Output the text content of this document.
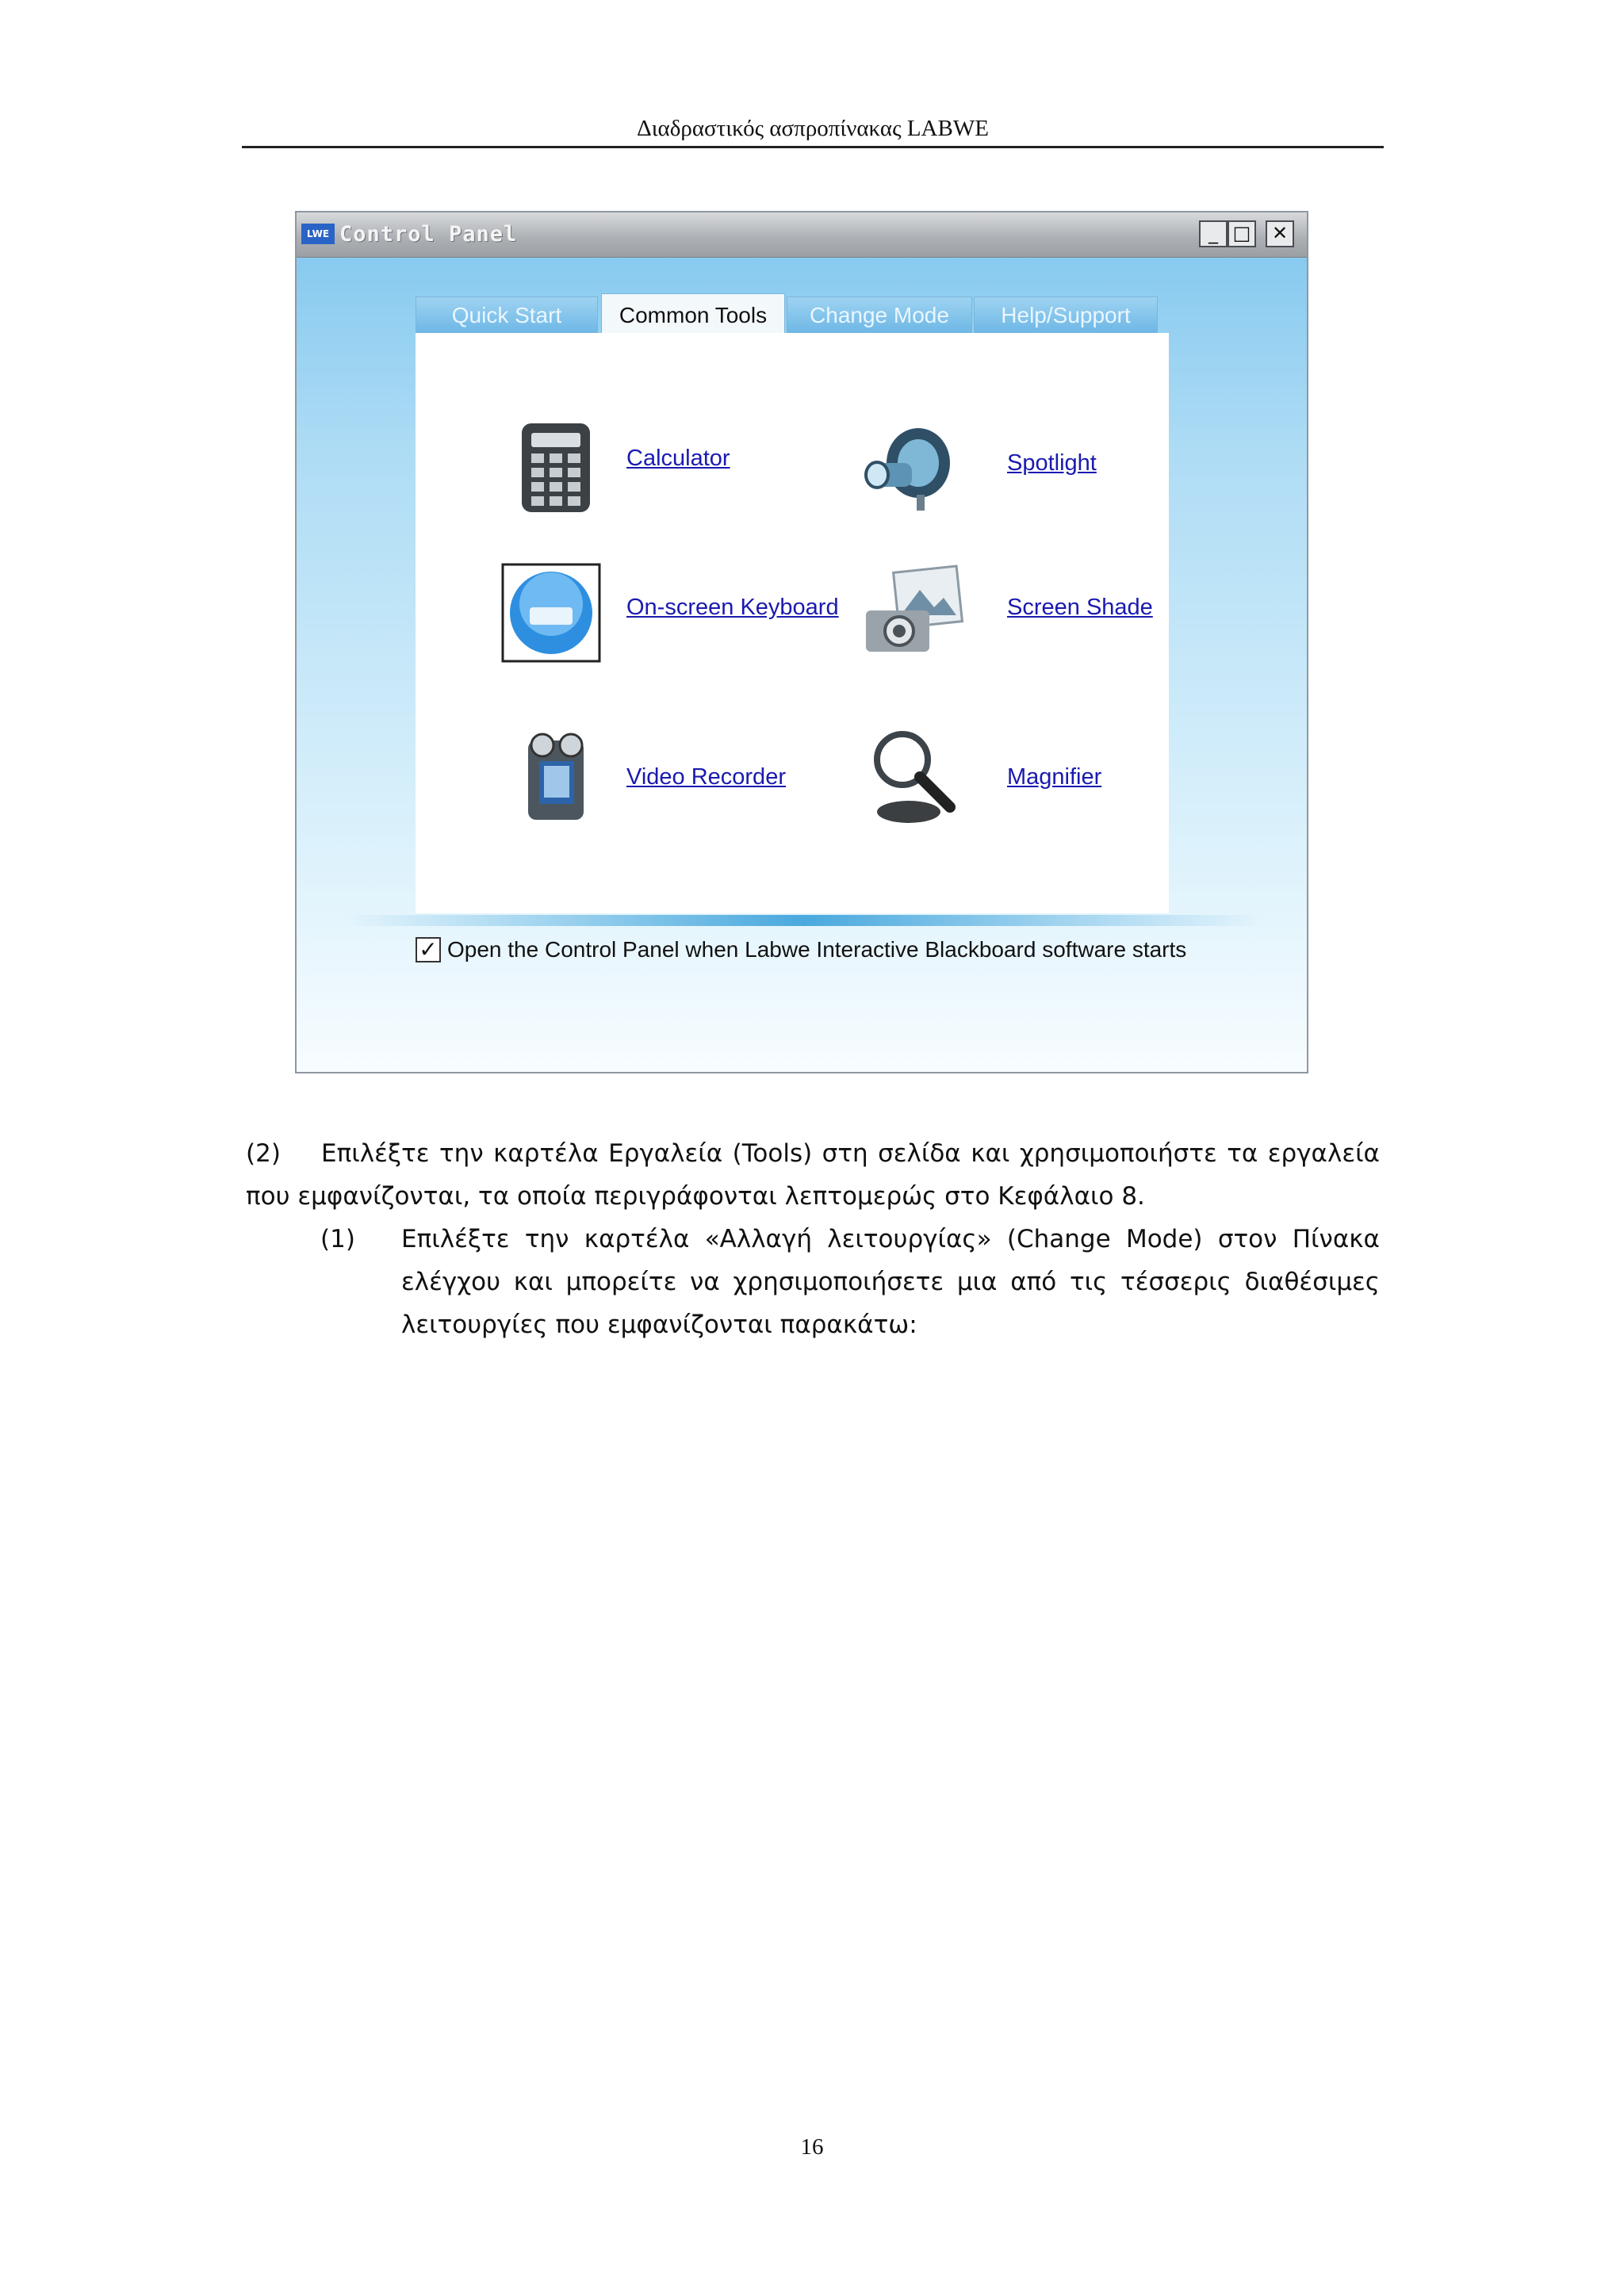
Διαδραστικός ασπροπίνακας LABWE
LWE Control Panel	_ □	✕
Quick Start	Common Tools	Change Mode	Help/Support
Calculator	Spotlight
On-screen Keyboard	Screen Shade
Video Recorder	Magnifier
✓ Open the Control Panel when Labwe Interactive Blackboard software starts
(2) Επιλέξτε την καρτέλα Εργαλεία (Tools) στη σελίδα και χρησιμοποιήστε τα εργαλεία που εμφανίζονται, τα οποία περιγράφονται λεπτομερώς στο Κεφάλαιο 8.
(1) Επιλέξτε την καρτέλα «Αλλαγή λειτουργίας» (Change Mode) στον Πίνακα ελέγχου και μπορείτε να χρησιμοποιήσετε μια από τις τέσσερις διαθέσιμες λειτουργίες που εμφανίζονται παρακάτω:
16
